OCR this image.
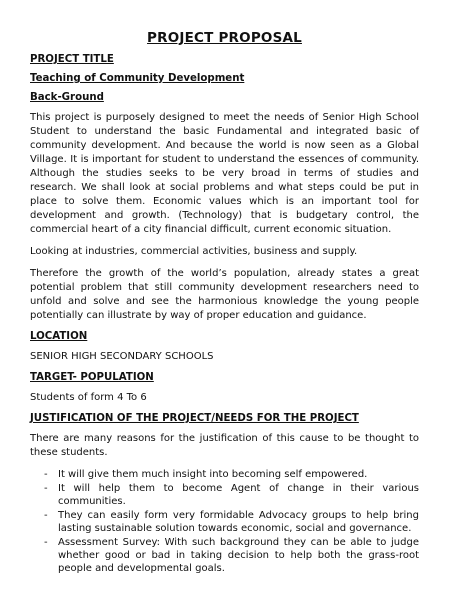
PROJECT PROPOSAL
PROJECT TITLE
Teaching of Community Development
Back-Ground

This project is purposely designed to meet the needs of Senior High School Student to understand the basic Fundamental and integrated basic of community development. And because the world is now seen as a Global Village. It is important for student to understand the essences of community. Although the studies seeks to be very broad in terms of studies and research. We shall look at social problems and what steps could be put in place to solve them. Economic values which is an important tool for development and growth. (Technology) that is budgetary control, the commercial heart of a city financial difficult, current economic situation.

Looking at industries, commercial activities, business and supply.

Therefore the growth of the world’s population, already states a great potential problem that still community development researchers need to unfold and solve and see the harmonious knowledge the young people potentially can illustrate by way of proper education and guidance.

LOCATION

SENIOR HIGH SECONDARY SCHOOLS

TARGET- POPULATION

Students of form 4 To 6

JUSTIFICATION OF THE PROJECT/NEEDS FOR THE PROJECT

There are many reasons for the justification of this cause to be thought to these students.

- It will give them much insight into becoming self empowered.
- It will help them to become Agent of change in their various communities.
- They can easily form very formidable Advocacy groups to help bring lasting sustainable solution towards economic, social and governance.
- Assessment Survey: With such background they can be able to judge whether good or bad in taking decision to help both the grass-root people and developmental goals.
